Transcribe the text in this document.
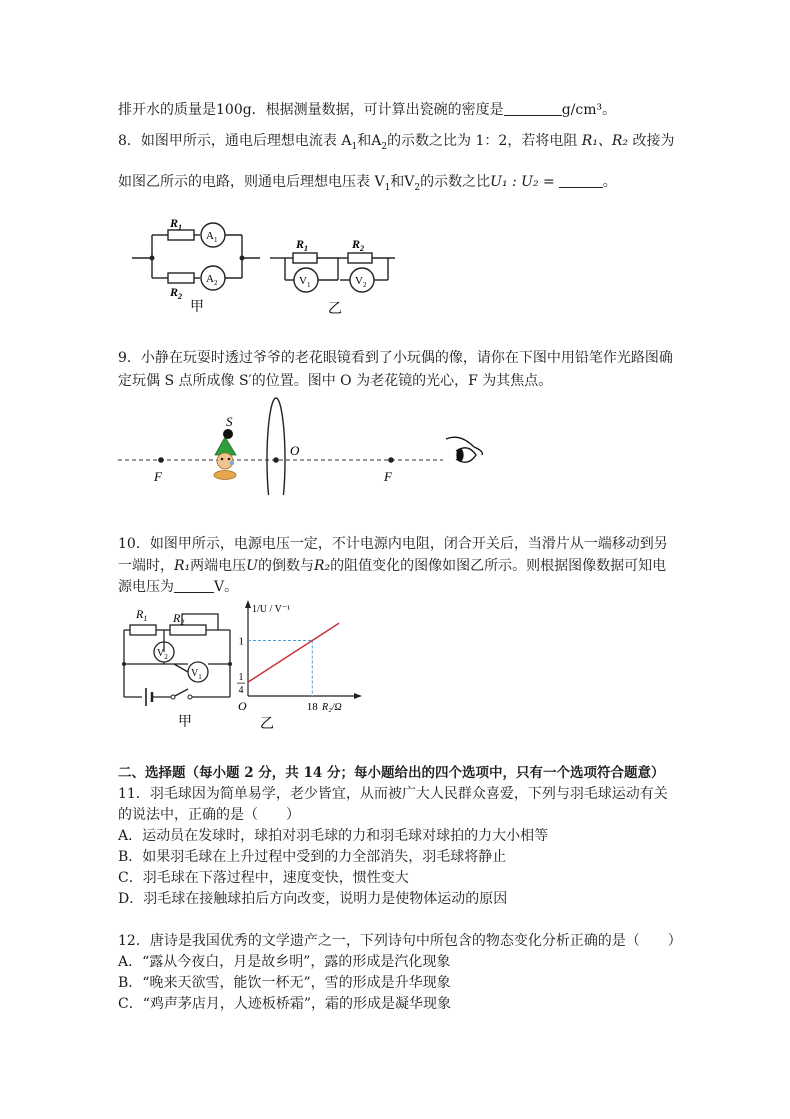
排开水的质量是100g．根据测量数据，可计算出瓷碗的密度是	g/cm³。
8．如图甲所示，通电后理想电流表 $A_1$和$A_2$的示数之比为 1：2，若将电阻 R₁、R₂ 改接为
如图乙所示的电路，则通电后理想电压表 $V_1$和$V_2$的示数之比U₁ : U₂ =	。
$R_1$
$A_1$
$A_2$
$R_2$
甲
$R_1$	$R_2$
$V_1$	$V_2$
乙
9．小静在玩耍时透过爷爷的老花眼镜看到了小玩偶的像，请你在下图中用铅笔作光路图确
定玩偶 S 点所成像 S′的位置。图中 O 为老花镜的光心，F 为其焦点。
S
O
F	F
10．如图甲所示，电源电压一定，不计电源内电阻，闭合开关后，当滑片从一端移动到另
一端时，R₁两端电压U的倒数与R₂的阻值变化的图像如图乙所示。则根据图像数据可知电
源电压为	V。
$R_1$ $R_2$
$V_2$
$V_1$
甲
1
1
4
18
O
1/U / V⁻¹
R₂/Ω
乙
二、选择题（每小题 2 分，共 14 分；每小题给出的四个选项中，只有一个选项符合题意）
11．羽毛球因为简单易学，老少皆宜，从而被广大人民群众喜爱，下列与羽毛球运动有关
的说法中，正确的是（　　）
A．运动员在发球时，球拍对羽毛球的力和羽毛球对球拍的力大小相等
B．如果羽毛球在上升过程中受到的力全部消失，羽毛球将静止
C．羽毛球在下落过程中，速度变快，惯性变大
D．羽毛球在接触球拍后方向改变，说明力是使物体运动的原因
12．唐诗是我国优秀的文学遗产之一，下列诗句中所包含的物态变化分析正确的是（　　）
A．“露从今夜白，月是故乡明”，露的形成是汽化现象
B．“晚来天欲雪，能饮一杯无”，雪的形成是升华现象
C．“鸡声茅店月，人迹板桥霜”，霜的形成是凝华现象
